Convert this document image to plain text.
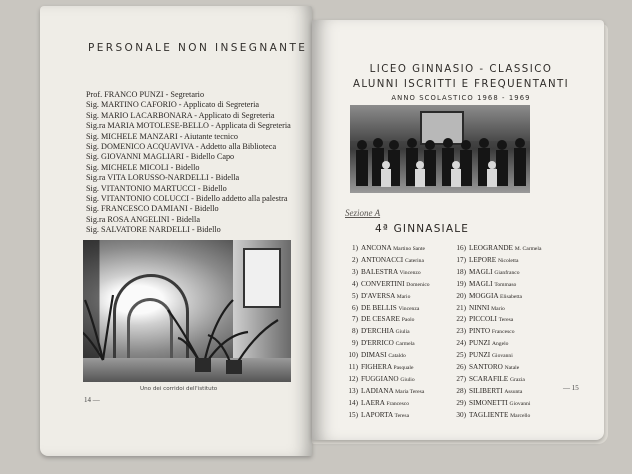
PERSONALE NON INSEGNANTE
Prof. FRANCO PUNZI - Segretario
Sig. MARTINO CAFORIO - Applicato di Segreteria
Sig. MARIO LACARBONARA - Applicato di Segreteria
Sig.ra MARIA MOTOLESE-BELLO - Applicata di Segreteria
Sig. MICHELE MANZARI - Aiutante tecnico
Sig. DOMENICO ACQUAVIVA - Addetto alla Biblioteca
Sig. GIOVANNI MAGLIARI - Bidello Capo
Sig. MICHELE MICOLI - Bidello
Sig.ra VITA LORUSSO-NARDELLI - Bidella
Sig. VITANTONIO MARTUCCI - Bidello
Sig. VITANTONIO COLUCCI - Bidello addetto alla palestra
Sig. FRANCESCO DAMIANI - Bidello
Sig.ra ROSA ANGELINI - Bidella
Sig. SALVATORE NARDELLI - Bidello
Uno dei corridoi dell'istituto
14 —
LICEO GINNASIO - CLASSICO
ALUNNI ISCRITTI E FREQUENTANTI
ANNO SCOLASTICO 1968 - 1969
Sezione A
4ª GINNASIALE
1) ANCONA Martino Sante
2) ANTONACCI Caterina
3) BALESTRA Vincenzo
4) CONVERTINI Domenico
5) D'AVERSA Mario
6) DE BELLIS Vincenza
7) DE CESARE Paolo
8) D'ERCHIA Giulia
9) D'ERRICO Carmela
10) DIMASI Cataldo
11) FIGHERA Pasquale
12) FUGGIANO Giulio
13) LADIANA Maria Teresa
14) LAERA Francesco
15) LAPORTA Teresa
16) LEOGRANDE M. Carmela
17) LEPORE Nicoletta
18) MAGLI Gianfranco
19) MAGLI Tommaso
20) MOGGIA Elisabetta
21) NINNI Mario
22) PICCOLI Teresa
23) PINTO Francesco
24) PUNZI Angelo
25) PUNZI Giovanni
26) SANTORO Natale
27) SCARAFILE Grazia
28) SILIBERTI Assunta
29) SIMONETTI Giovanni
30) TAGLIENTE Marcello
— 15
